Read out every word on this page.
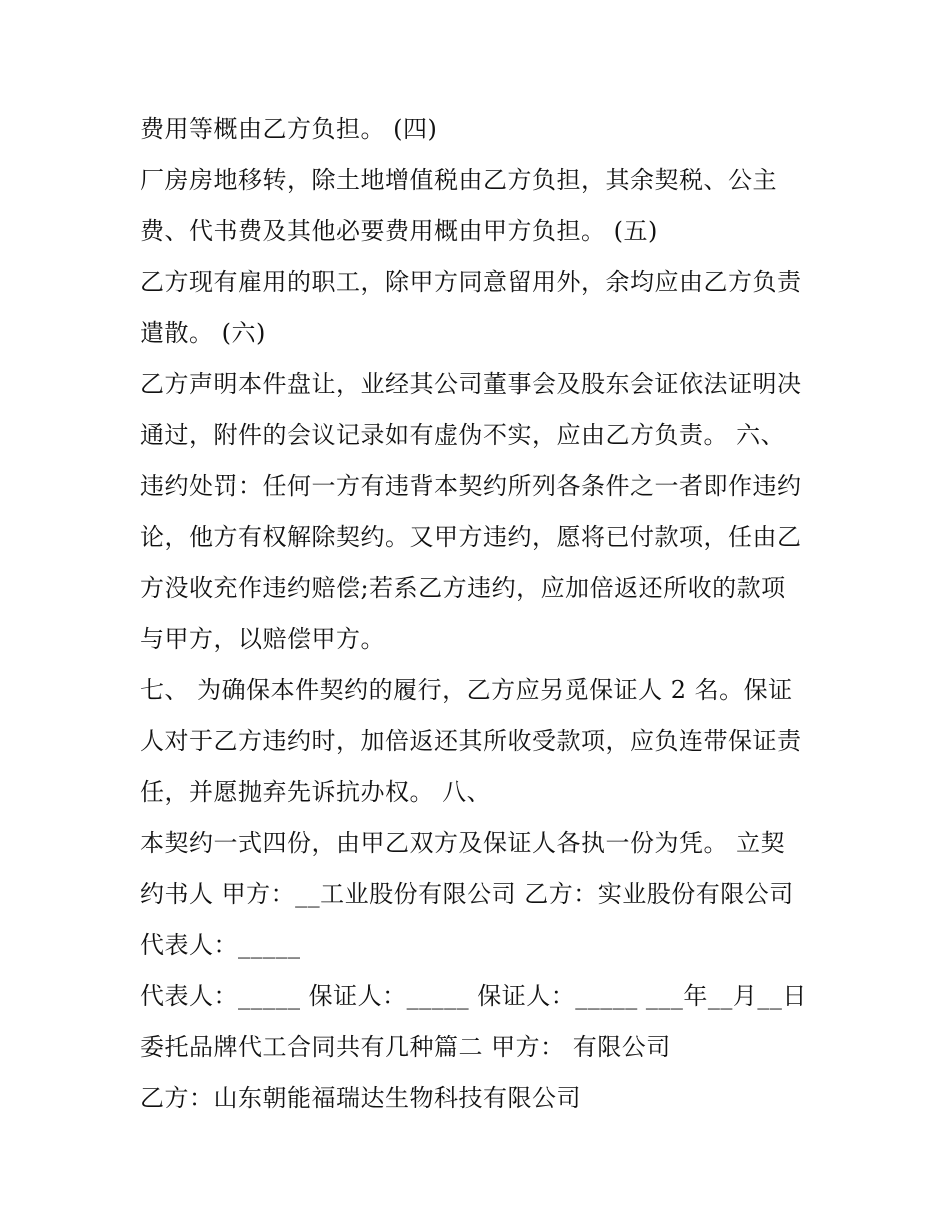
费用等概由乙方负担。 (四)
厂房房地移转，除土地增值税由乙方负担，其余契税、公主
费、代书费及其他必要费用概由甲方负担。 (五)
乙方现有雇用的职工，除甲方同意留用外，余均应由乙方负责
遣散。 (六)
乙方声明本件盘让，业经其公司董事会及股东会证依法证明决
通过，附件的会议记录如有虚伪不实，应由乙方负责。 六、
违约处罚：任何一方有违背本契约所列各条件之一者即作违约
论，他方有权解除契约。又甲方违约，愿将已付款项，任由乙
方没收充作违约赔偿;若系乙方违约，应加倍返还所收的款项
与甲方，以赔偿甲方。
七、 为确保本件契约的履行，乙方应另觅保证人 2 名。保证
人对于乙方违约时，加倍返还其所收受款项，应负连带保证责
任，并愿抛弃先诉抗办权。 八、
本契约一式四份，由甲乙双方及保证人各执一份为凭。 立契
约书人 甲方：__工业股份有限公司 乙方：实业股份有限公司
代表人：_____
代表人：_____ 保证人：_____ 保证人：_____ ___年__月__日
委托品牌代工合同共有几种篇二 甲方： 有限公司
乙方：山东朝能福瑞达生物科技有限公司
